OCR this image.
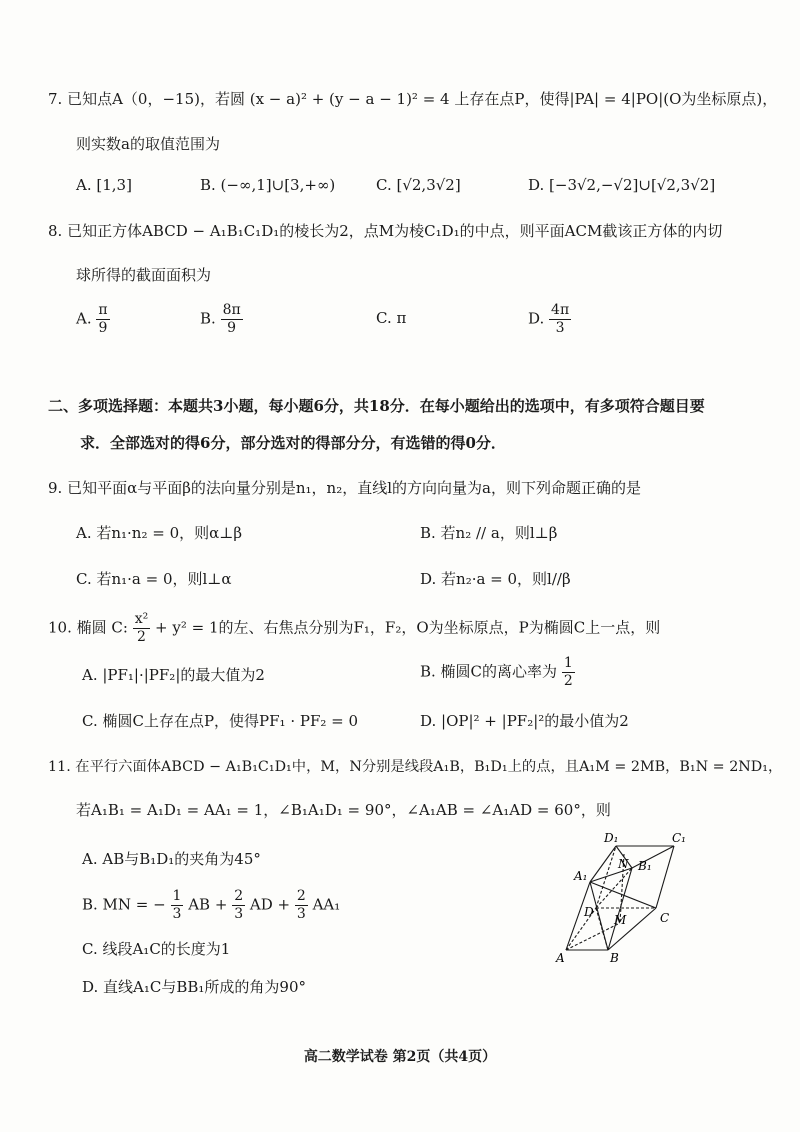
7. 已知点A（0，−15)，若圆 (x − a)² + (y − a − 1)² = 4 上存在点P，使得|PA| = 4|PO|(O为坐标原点)，
则实数a的取值范围为
A. [1,3]	B. (−∞,1]∪[3,+∞)	C. [√2,3√2]	D. [−3√2,−√2]∪[√2,3√2]
8. 已知正方体ABCD − A₁B₁C₁D₁的棱长为2，点M为棱C₁D₁的中点，则平面ACM截该正方体的内切
球所得的截面面积为
A. $\frac{\pi}{9}$	B. $\frac{8\pi}{9}$	C. π	D. $\frac{4\pi}{3}$
二、多项选择题：本题共3小题，每小题6分，共18分．在每小题给出的选项中，有多项符合题目要
求．全部选对的得6分，部分选对的得部分分，有选错的得0分．
9. 已知平面α与平面β的法向量分别是n₁，n₂，直线l的方向向量为a，则下列命题正确的是
A. 若n₁·n₂ = 0，则α⊥β	B. 若n₂ // a，则l⊥β
C. 若n₁·a = 0，则l⊥α	D. 若n₂·a = 0，则l//β
10. 椭圆 C: $\frac{\text{x²}}{2} + y^2 = 1$的左、右焦点分别为F₁，F₂，O为坐标原点，P为椭圆C上一点，则
A. |PF₁|·|PF₂|的最大值为2	B. 椭圆C的离心率为 $\frac{1}{2}$
C. 椭圆C上存在点P，使得PF₁ · PF₂ = 0	D. |OP|² + |PF₂|²的最小值为2
11. 在平行六面体ABCD − A₁B₁C₁D₁中，M，N分别是线段A₁B，B₁D₁上的点，且A₁M = 2MB，B₁N = 2ND₁，
若A₁B₁ = A₁D₁ = AA₁ = 1，∠B₁A₁D₁ = 90°，∠A₁AB = ∠A₁AD = 60°，则
A. AB与B₁D₁的夹角为45°
B. MN = − $\frac{1}{3}$ AB + $\frac{2}{3}$ AD + $\frac{2}{3} AA_1$
C. 线段A₁C的长度为1
D. 直线A₁C与BB₁所成的角为90°
D₁	C₁
N B₁
A₁
D
M	C
A	B
高二数学试卷 第2页（共4页）
